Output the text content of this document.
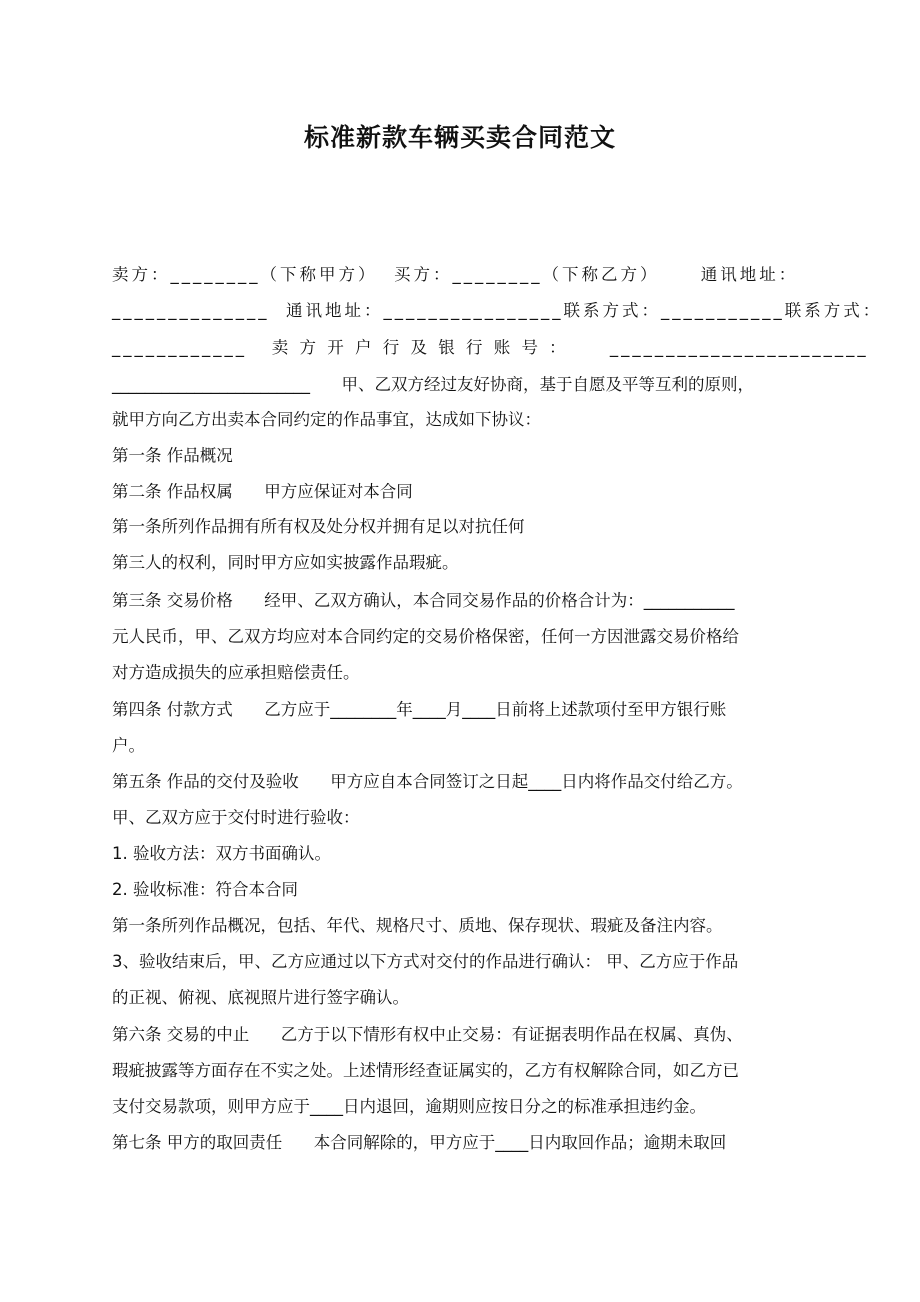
标准新款车辆买卖合同范文
卖方：________（下称甲方）  买方：________（下称乙方）     通讯地址：
______________  通讯地址：________________联系方式：___________联系方式：
____________   卖 方 开 户 行 及 银 行 账 号 ：     _______________________
________________________      甲、乙双方经过友好协商，基于自愿及平等互利的原则，
就甲方向乙方出卖本合同约定的作品事宜，达成如下协议：
第一条 作品概况
第二条 作品权属      甲方应保证对本合同
第一条所列作品拥有所有权及处分权并拥有足以对抗任何
第三人的权利，同时甲方应如实披露作品瑕疵。
第三条 交易价格      经甲、乙双方确认，本合同交易作品的价格合计为：___________
元人民币，甲、乙双方均应对本合同约定的交易价格保密，任何一方因泄露交易价格给
对方造成损失的应承担赔偿责任。
第四条 付款方式      乙方应于________年____月____日前将上述款项付至甲方银行账
户。
第五条 作品的交付及验收      甲方应自本合同签订之日起____日内将作品交付给乙方。
甲、乙双方应于交付时进行验收：
1. 验收方法：双方书面确认。
2. 验收标准：符合本合同
第一条所列作品概况，包括、年代、规格尺寸、质地、保存现状、瑕疵及备注内容。
3、验收结束后，甲、乙方应通过以下方式对交付的作品进行确认： 甲、乙方应于作品
的正视、俯视、底视照片进行签字确认。
第六条 交易的中止      乙方于以下情形有权中止交易：有证据表明作品在权属、真伪、
瑕疵披露等方面存在不实之处。上述情形经查证属实的，乙方有权解除合同，如乙方已
支付交易款项，则甲方应于____日内退回，逾期则应按日分之的标准承担违约金。
第七条 甲方的取回责任      本合同解除的，甲方应于____日内取回作品；逾期未取回
